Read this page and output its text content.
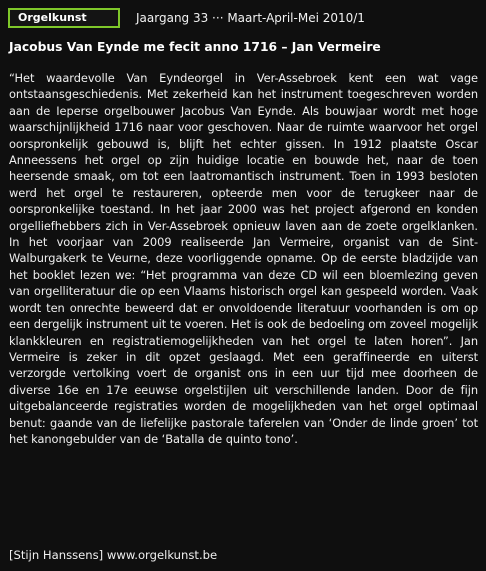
Orgelkunst	Jaargang 33 ··· Maart-April-Mei 2010/1
Jacobus Van Eynde me fecit anno 1716 – Jan Vermeire
“Het waardevolle Van Eyndeorgel in Ver-Assebroek kent een wat vage ontstaansgeschiedenis. Met zekerheid kan het instrument toegeschreven worden aan de Ieperse orgelbouwer Jacobus Van Eynde. Als bouwjaar wordt met hoge waarschijnlijkheid 1716 naar voor geschoven. Naar de ruimte waarvoor het orgel oorspronkelijk gebouwd is, blijft het echter gissen. In 1912 plaatste Oscar Anneessens het orgel op zijn huidige locatie en bouwde het, naar de toen heersende smaak, om tot een laatromantisch instrument. Toen in 1993 besloten werd het orgel te restaureren, opteerde men voor de terugkeer naar de oorspronkelijke toestand. In het jaar 2000 was het project afgerond en konden orgelliefhebbers zich in Ver-Assebroek opnieuw laven aan de zoete orgelklanken. In het voorjaar van 2009 realiseerde Jan Vermeire, organist van de Sint-Walburgakerk te Veurne, deze voorliggende opname. Op de eerste bladzijde van het booklet lezen we: “Het programma van deze CD wil een bloemlezing geven van orgelliteratuur die op een Vlaams historisch orgel kan gespeeld worden. Vaak wordt ten onrechte beweerd dat er onvoldoende literatuur voorhanden is om op een dergelijk instrument uit te voeren. Het is ook de bedoeling om zoveel mogelijk klankkleuren en registratiemogelijkheden van het orgel te laten horen”. Jan Vermeire is zeker in dit opzet geslaagd. Met een geraffineerde en uiterst verzorgde vertolking voert de organist ons in een uur tijd mee doorheen de diverse 16e en 17e eeuwse orgelstijlen uit verschillende landen. Door de fijn uitgebalanceerde registraties worden de mogelijkheden van het orgel optimaal benut: gaande van de liefelijke pastorale taferelen van ‘Onder de linde groen’ tot het kanongebulder van de ‘Batalla de quinto tono’.
[Stijn Hanssens] www.orgelkunst.be
